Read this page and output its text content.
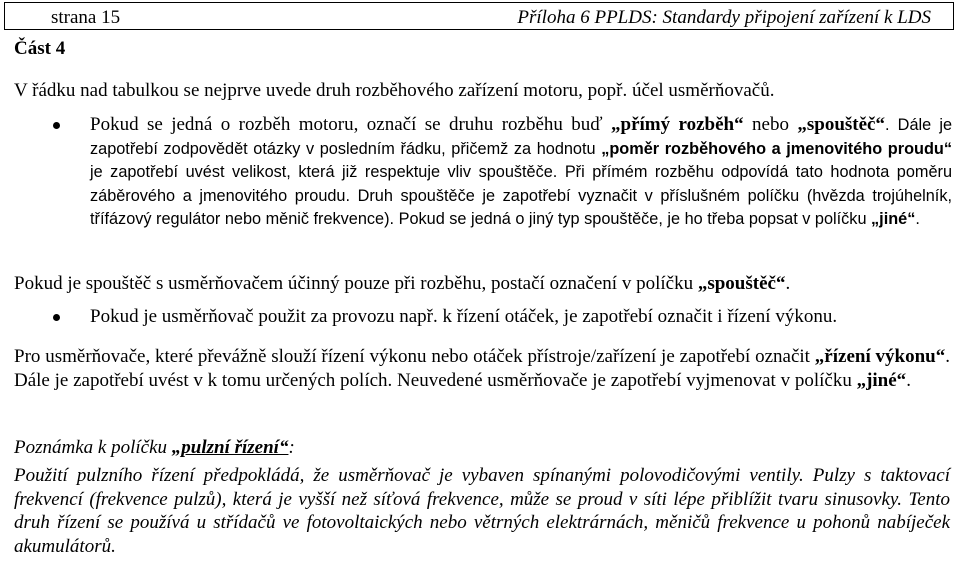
strana 15	Příloha 6 PPLDS: Standardy připojení zařízení k LDS
Část 4
V řádku nad tabulkou se nejprve uvede druh rozběhového zařízení motoru, popř. účel usměrňovačů.
Pokud se jedná o rozběh motoru, označí se druhu rozběhu buď „přímý rozběh“ nebo „spouštěč“. Dále je zapotřebí zodpovědět otázky v posledním řádku, přičemž za hodnotu „poměr rozběhového a jmenovitého proudu“ je zapotřebí uvést velikost, která již respektuje vliv spouštěče. Při přímém rozběhu odpovídá tato hodnota poměru záběrového a jmenovitého proudu. Druh spouštěče je zapotřebí vyznačit v příslušném políčku (hvězda trojúhelník, třífázový regulátor nebo měnič frekvence). Pokud se jedná o jiný typ spouštěče, je ho třeba popsat v políčku „jiné“.
Pokud je spouštěč s usměrňovačem účinný pouze při rozběhu, postačí označení v políčku „spouštěč“.
Pokud je usměrňovač použit za provozu např. k řízení otáček, je zapotřebí označit i řízení výkonu.
Pro usměrňovače, které převážně slouží řízení výkonu nebo otáček přístroje/zařízení je zapotřebí označit „řízení výkonu“. Dále je zapotřebí uvést v k tomu určených polích. Neuvedené usměrňovače je zapotřebí vyjmenovat v políčku „jiné“.
Poznámka k políčku „pulzní řízení“:
Použití pulzního řízení předpokládá, že usměrňovač je vybaven spínanými polovodičovými ventily. Pulzy s taktovací frekvencí (frekvence pulzů), která je vyšší než síťová frekvence, může se proud v síti lépe přiblížit tvaru sinusovky. Tento druh řízení se používá u střídačů ve fotovoltaických nebo větrných elektrárnách, měničů frekvence u pohonů nabíječek akumulátorů.
